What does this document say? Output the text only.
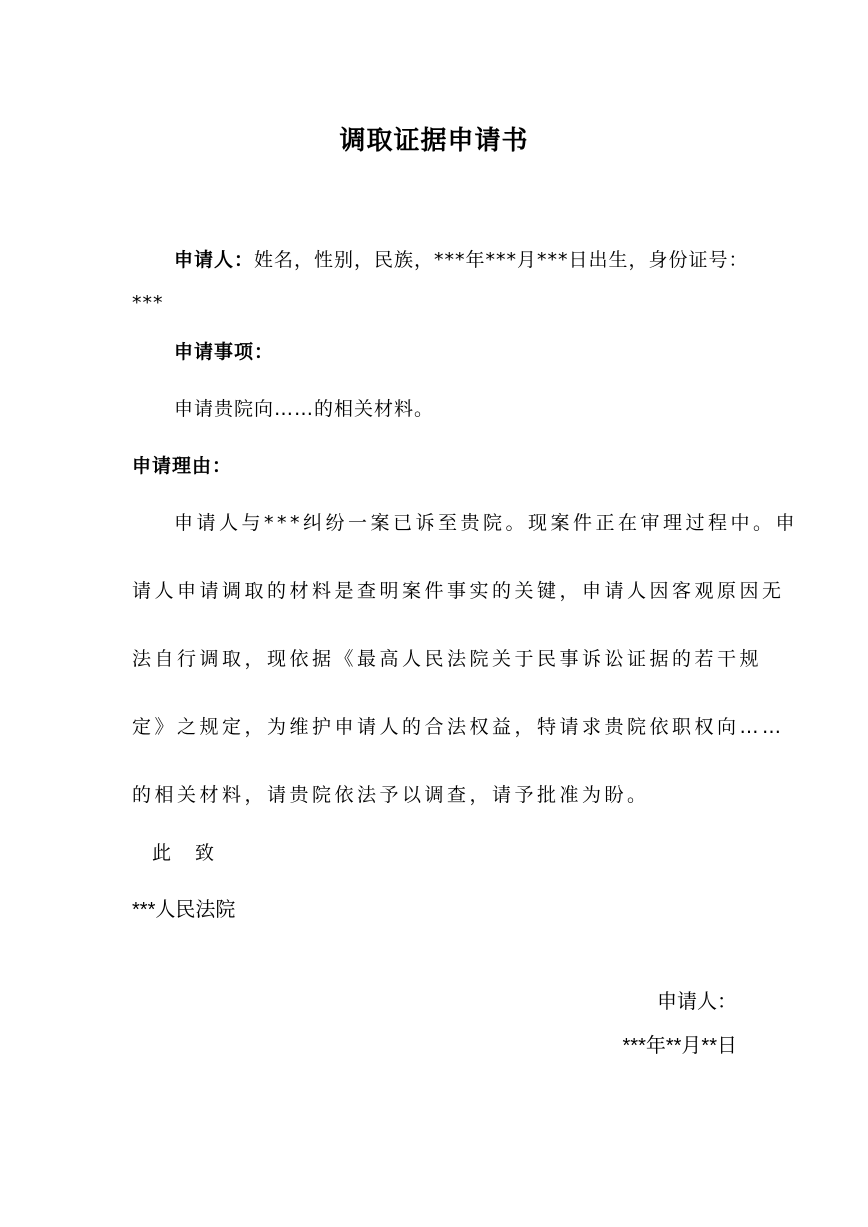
调取证据申请书
申请人：姓名，性别，民族，***年***月***日出生，身份证号：
***
申请事项：
申请贵院向……的相关材料。
申请理由：
申请人与***纠纷一案已诉至贵院。现案件正在审理过程中。申
请人申请调取的材料是查明案件事实的关键，申请人因客观原因无
法自行调取，现依据《最高人民法院关于民事诉讼证据的若干规
定》之规定，为维护申请人的合法权益，特请求贵院依职权向……
的相关材料，请贵院依法予以调查，请予批准为盼。
此 致
***人民法院
申请人：
***年**月**日
